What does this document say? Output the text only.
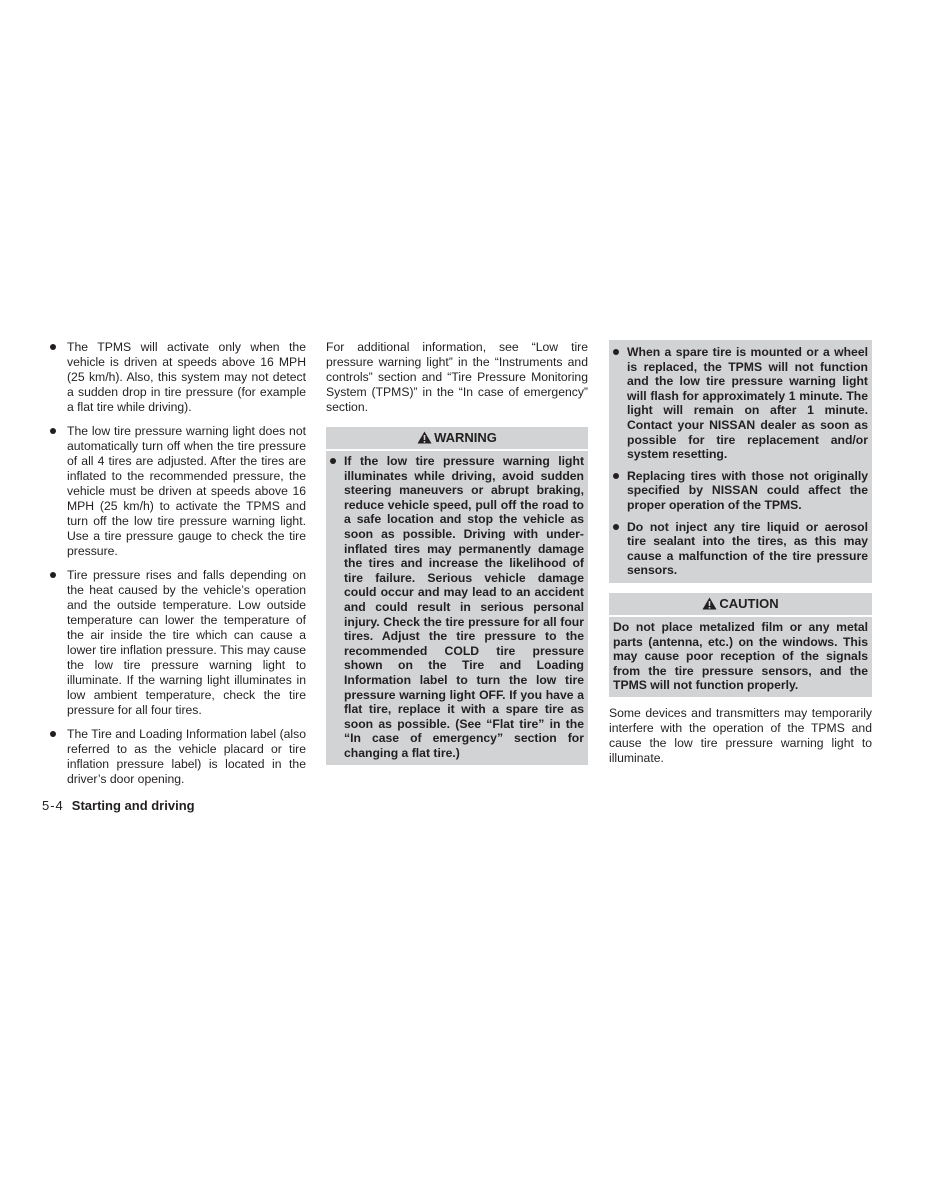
The TPMS will activate only when the vehicle is driven at speeds above 16 MPH (25 km/h). Also, this system may not detect a sudden drop in tire pressure (for example a flat tire while driving).
The low tire pressure warning light does not automatically turn off when the tire pressure of all 4 tires are adjusted. After the tires are inflated to the recommended pressure, the vehicle must be driven at speeds above 16 MPH (25 km/h) to activate the TPMS and turn off the low tire pressure warning light. Use a tire pressure gauge to check the tire pressure.
Tire pressure rises and falls depending on the heat caused by the vehicle’s operation and the outside temperature. Low outside temperature can lower the temperature of the air inside the tire which can cause a lower tire inflation pressure. This may cause the low tire pressure warning light to illuminate. If the warning light illuminates in low ambient temperature, check the tire pressure for all four tires.
The Tire and Loading Information label (also referred to as the vehicle placard or tire inflation pressure label) is located in the driver’s door opening.

For additional information, see “Low tire pressure warning light” in the “Instruments and controls” section and “Tire Pressure Monitoring System (TPMS)” in the “In case of emergency” section.

WARNING
If the low tire pressure warning light illuminates while driving, avoid sudden steering maneuvers or abrupt braking, reduce vehicle speed, pull off the road to a safe location and stop the vehicle as soon as possible. Driving with under-inflated tires may permanently damage the tires and increase the likelihood of tire failure. Serious vehicle damage could occur and may lead to an accident and could result in serious personal injury. Check the tire pressure for all four tires. Adjust the tire pressure to the recommended COLD tire pressure shown on the Tire and Loading Information label to turn the low tire pressure warning light OFF. If you have a flat tire, replace it with a spare tire as soon as possible. (See “Flat tire” in the “In case of emergency” section for changing a flat tire.)
When a spare tire is mounted or a wheel is replaced, the TPMS will not function and the low tire pressure warning light will flash for approximately 1 minute. The light will remain on after 1 minute. Contact your NISSAN dealer as soon as possible for tire replacement and/or system resetting.
Replacing tires with those not originally specified by NISSAN could affect the proper operation of the TPMS.
Do not inject any tire liquid or aerosol tire sealant into the tires, as this may cause a malfunction of the tire pressure sensors.
CAUTION

Do not place metalized film or any metal parts (antenna, etc.) on the windows. This may cause poor reception of the signals from the tire pressure sensors, and the TPMS will not function properly.

Some devices and transmitters may temporarily interfere with the operation of the TPMS and cause the low tire pressure warning light to illuminate.

5-4 Starting and driving
